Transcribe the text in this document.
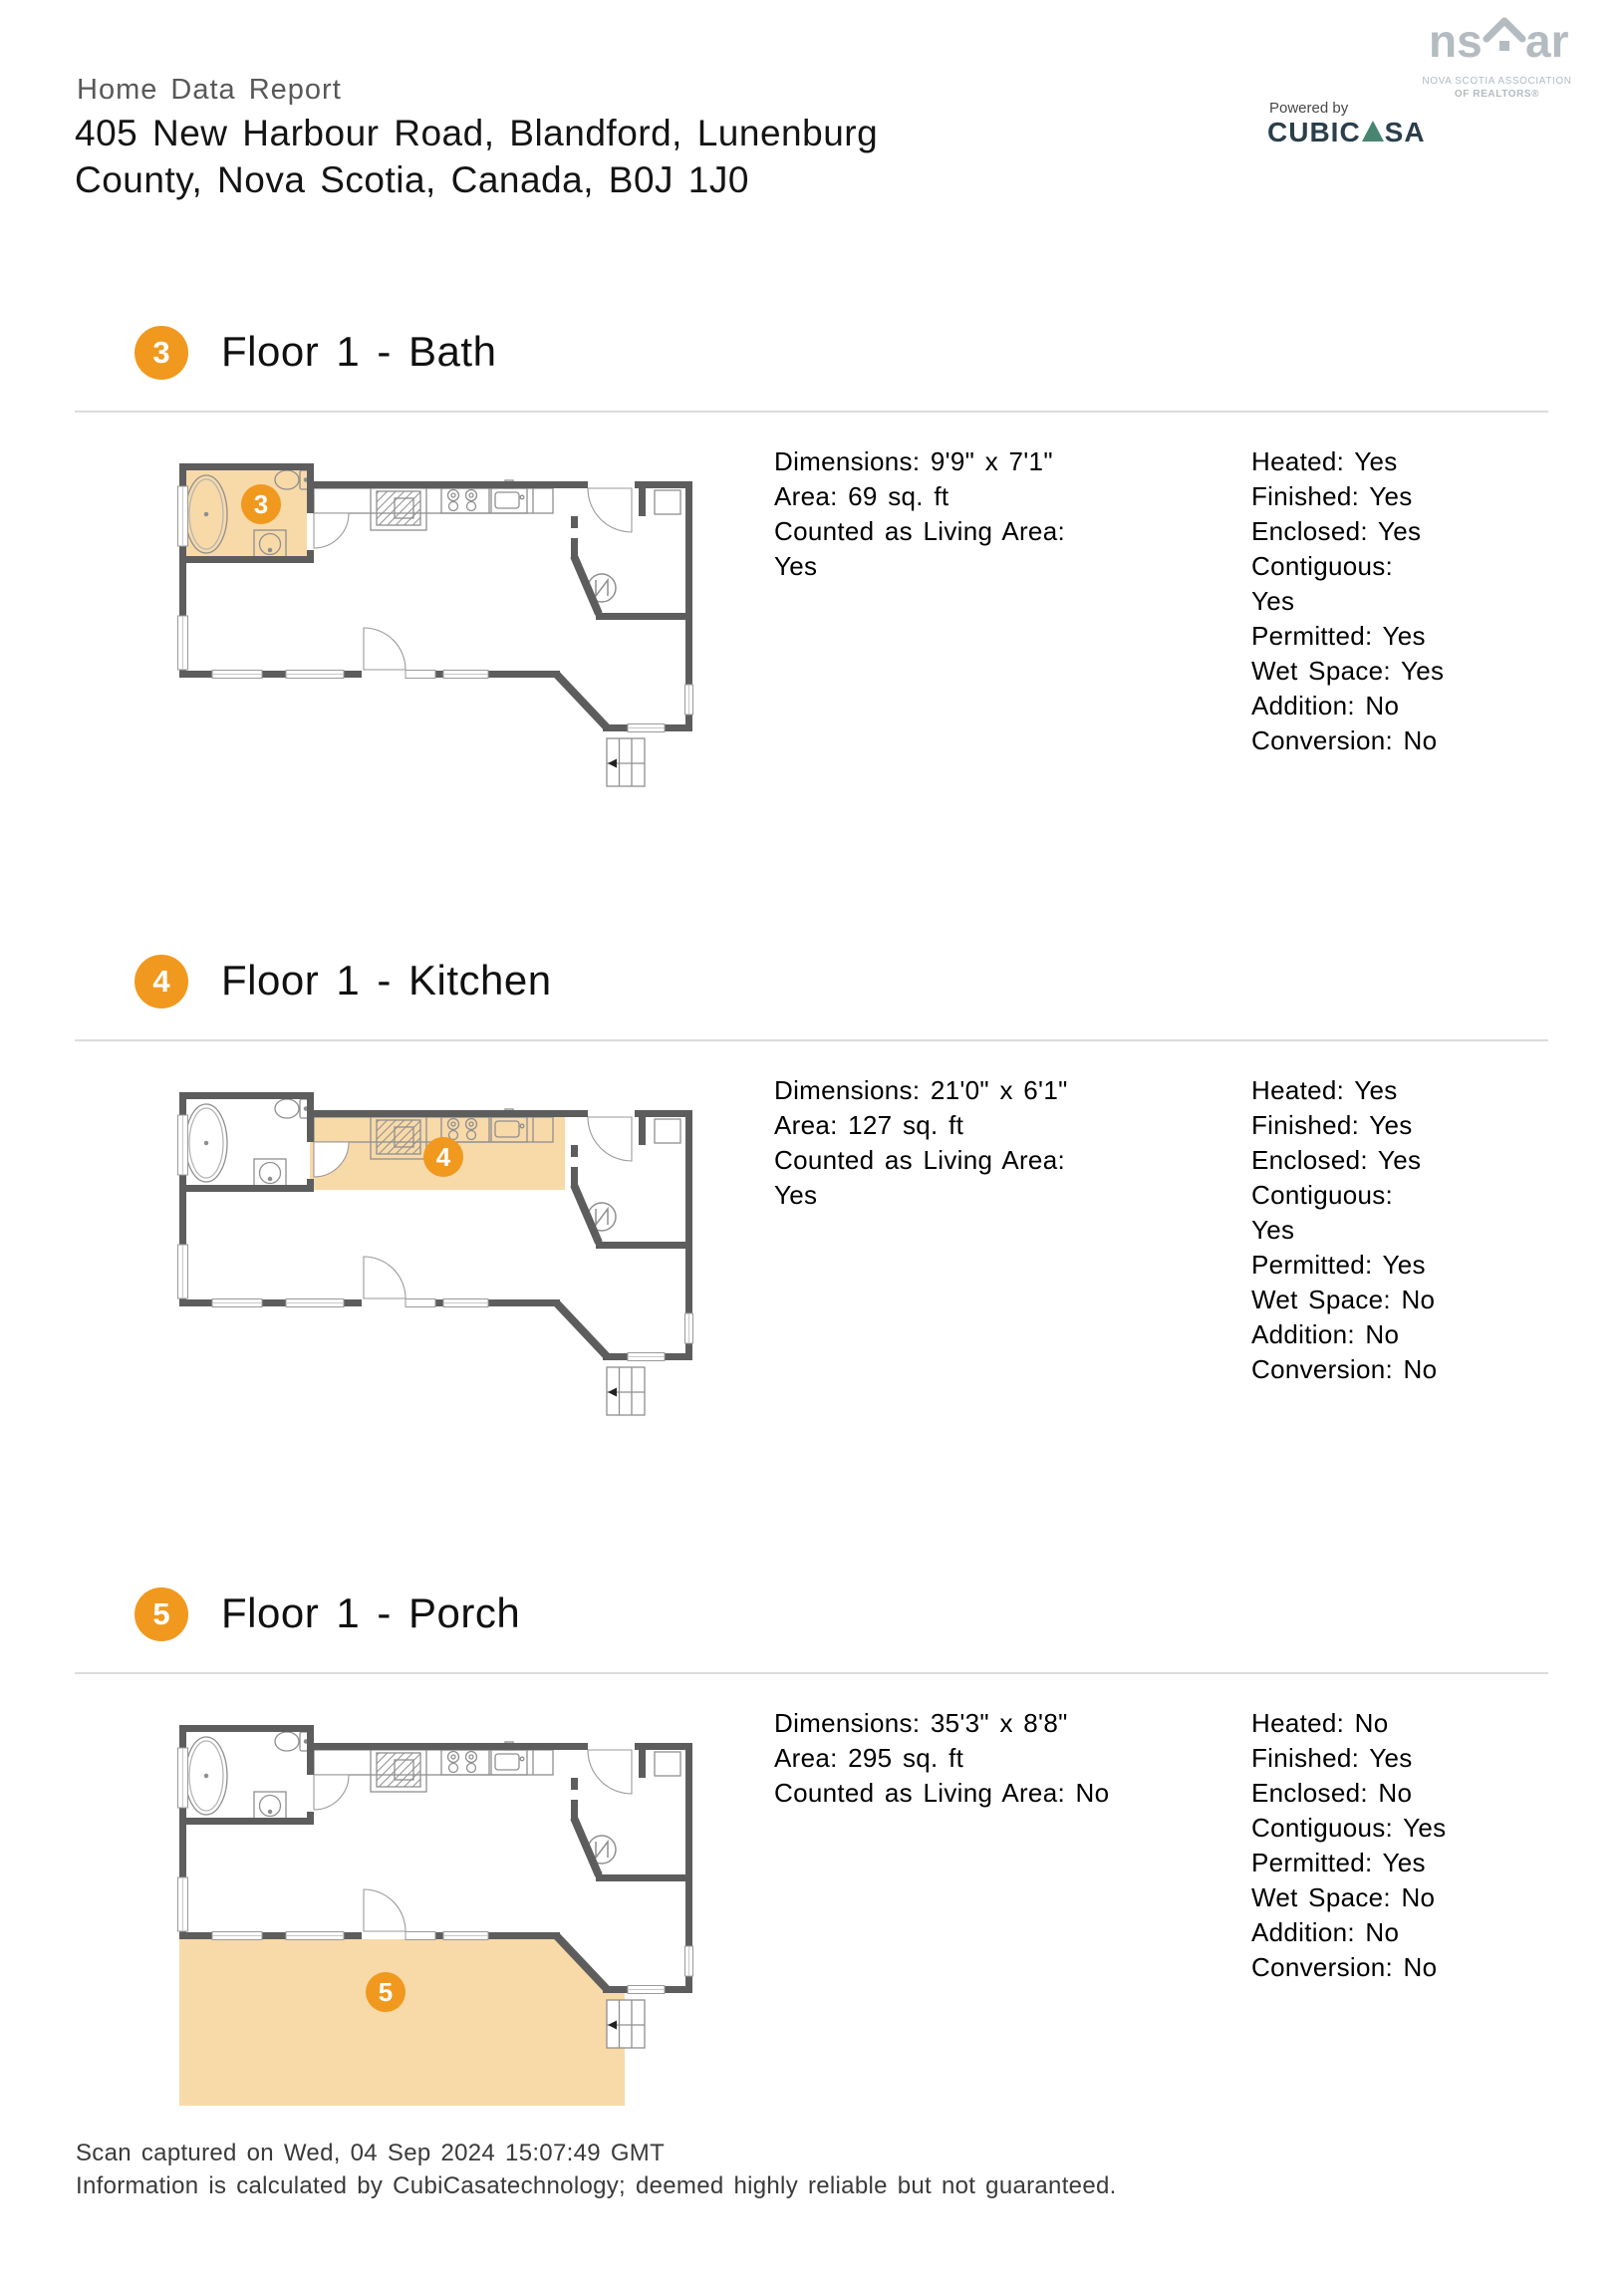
Home Data Report
405 New Harbour Road, Blandford, Lunenburg
County, Nova Scotia, Canada, B0J 1J0
ns ar
NOVA SCOTIA ASSOCIATION
OF REALTORS®
Powered by
CUBIC SA
3	Floor 1 - Bath
3
Dimensions: 9'9" x 7'1"
Area: 69 sq. ft
Counted as Living Area:
Yes
Heated: Yes
Finished: Yes
Enclosed: Yes
Contiguous:
Yes
Permitted: Yes
Wet Space: Yes
Addition: No
Conversion: No
4	Floor 1 - Kitchen
4
Dimensions: 21'0" x 6'1"
Area: 127 sq. ft
Counted as Living Area:
Yes
Heated: Yes
Finished: Yes
Enclosed: Yes
Contiguous:
Yes
Permitted: Yes
Wet Space: No
Addition: No
Conversion: No
5	Floor 1 - Porch
5
Dimensions: 35'3" x 8'8"
Area: 295 sq. ft
Counted as Living Area: No
Heated: No
Finished: Yes
Enclosed: No
Contiguous: Yes
Permitted: Yes
Wet Space: No
Addition: No
Conversion: No
Scan captured on Wed, 04 Sep 2024 15:07:49 GMT
Information is calculated by CubiCasatechnology; deemed highly reliable but not guaranteed.
